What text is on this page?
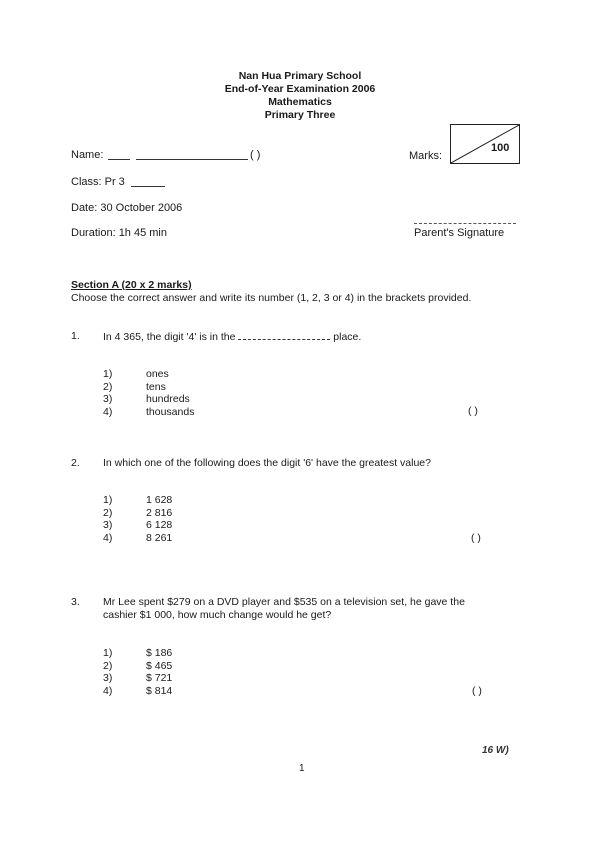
Nan Hua Primary School
End-of-Year Examination 2006
Mathematics
Primary Three
Name:	( )	Marks:
100
Class: Pr 3
Date: 30 October 2006
Duration: 1h 45 min	Parent's Signature
Section A (20 x 2 marks)
Choose the correct answer and write its number (1, 2, 3 or 4) in the brackets provided.
1. In 4 365, the digit '4' is in the	place.
1)	ones
2)	tens
3)	hundreds
4)	thousands	( )
2. In which one of the following does the digit '6' have the greatest value?
1)	1 628
2)	2 816
3)	6 128
4)	8 261	( )
3. Mr Lee spent $279 on a DVD player and $535 on a television set, he gave the
cashier $1 000, how much change would he get?
1)	$ 186
2)	$ 465
3)	$ 721
4)	$ 814	( )
16 W)
1
